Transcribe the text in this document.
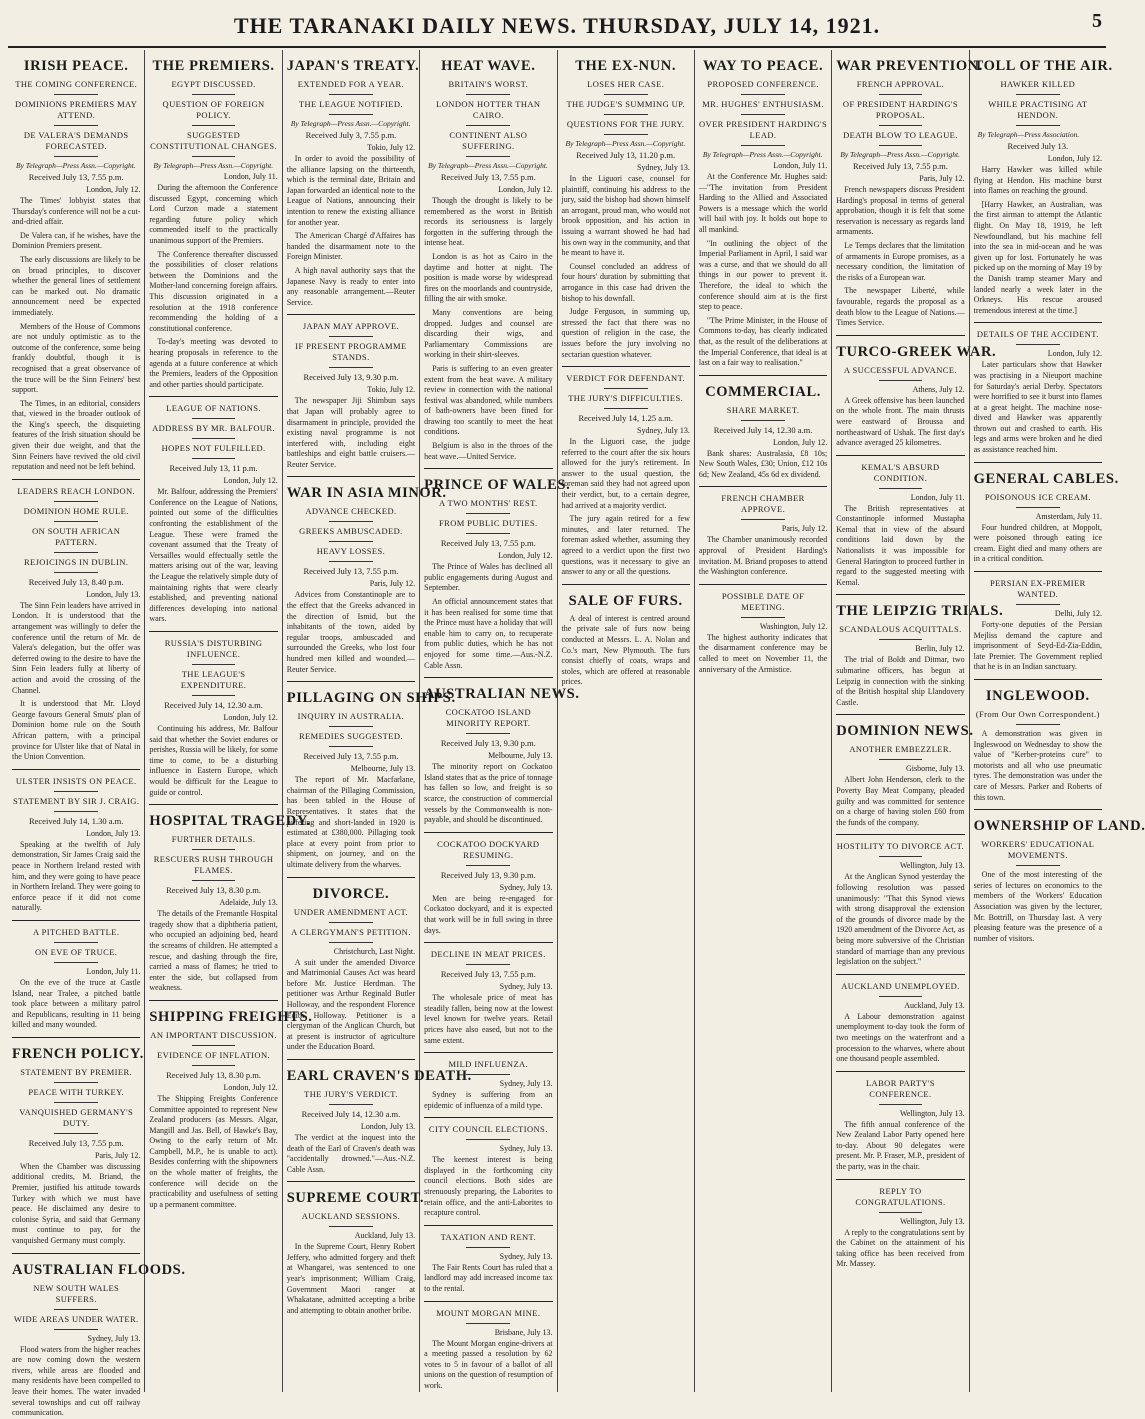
THE TARANAKI DAILY NEWS. THURSDAY, JULY 14, 1921.	5
IRISH PEACE.
THE COMING CONFERENCE.
DOMINIONS PREMIERS MAY ATTEND.
DE VALERA'S DEMANDS FORECASTED.
By Telegraph—Press Assn.—Copyright.
Received July 13, 7.55 p.m.
London, July 12.

The Times' lobbyist states that Thursday's conference will not be a cut-and-dried affair.

De Valera can, if he wishes, have the Dominion Premiers present.

The early discussions are likely to be on broad principles, to discover whether the general lines of settlement can be marked out. No dramatic announcement need be expected immediately.

Members of the House of Commons are not unduly optimistic as to the outcome of the conference, some being frankly doubtful, though it is recognised that a great observance of the truce will be the Sinn Feiners' best support.

The Times, in an editorial, considers that, viewed in the broader outlook of the King's speech, the disquieting features of the Irish situation should be given their due weight, and that the Sinn Feiners have revived the old civil reputation and need not be left behind.

LEADERS REACH LONDON.
DOMINION HOME RULE.
ON SOUTH AFRICAN PATTERN.
REJOICINGS IN DUBLIN.
Received July 13, 8.40 p.m.
London, July 13.

The Sinn Fein leaders have arrived in London. It is understood that the arrangement was willingly to defer the conference until the return of Mr. de Valera's delegation, but the offer was deferred owing to the desire to have the Sinn Fein leaders fully at liberty of action and avoid the crossing of the Channel.

It is understood that Mr. Lloyd George favours General Smuts' plan of Dominion home rule on the South African pattern, with a principal province for Ulster like that of Natal in the Union Convention.

ULSTER INSISTS ON PEACE.
STATEMENT BY SIR J. CRAIG.
Received July 14, 1.30 a.m.
London, July 13.

Speaking at the twelfth of July demonstration, Sir James Craig said the peace in Northern Ireland rested with him, and they were going to have peace in Northern Ireland. They were going to enforce peace if it did not come naturally.

A PITCHED BATTLE.
ON EVE OF TRUCE.
London, July 11.

On the eve of the truce at Castle Island, near Tralee, a pitched battle took place between a military patrol and Republicans, resulting in 11 being killed and many wounded.

FRENCH POLICY.
STATEMENT BY PREMIER.
PEACE WITH TURKEY.
VANQUISHED GERMANY'S DUTY.
Received July 13, 7.55 p.m.
Paris, July 12.

When the Chamber was discussing additional credits, M. Briand, the Premier, justified his attitude towards Turkey with which we must have peace. He disclaimed any desire to colonise Syria, and said that Germany must continue to pay, for the vanquished Germany must comply.

AUSTRALIAN FLOODS.
NEW SOUTH WALES SUFFERS.
WIDE AREAS UNDER WATER.
Sydney, July 13.

Flood waters from the higher reaches are now coming down the western rivers, while areas are flooded and many residents have been compelled to leave their homes. The water invaded several townships and cut off railway communication.

THE PREMIERS.
EGYPT DISCUSSED.
QUESTION OF FOREIGN POLICY.
SUGGESTED CONSTITUTIONAL CHANGES.
By Telegraph—Press Assn.—Copyright.
London, July 11.

During the afternoon the Conference discussed Egypt, concerning which Lord Curzon made a statement regarding future policy which commended itself to the practically unanimous support of the Premiers.

The Conference thereafter discussed the possibilities of closer relations between the Dominions and the Mother-land concerning foreign affairs. This discussion originated in a resolution at the 1918 conference recommending the holding of a constitutional conference.

To-day's meeting was devoted to hearing proposals in reference to the agenda at a future conference at which the Premiers, leaders of the Opposition and other parties should participate.

LEAGUE OF NATIONS.
ADDRESS BY MR. BALFOUR.
HOPES NOT FULFILLED.
Received July 13, 11 p.m.
London, July 12.

Mr. Balfour, addressing the Premiers' Conference on the League of Nations, pointed out some of the difficulties confronting the establishment of the League. These were framed the covenant assumed that the Treaty of Versailles would effectually settle the matters arising out of the war, leaving the League the relatively simple duty of maintaining rights that were clearly established, and preventing national differences developing into national wars.

RUSSIA'S DISTURBING INFLUENCE.
THE LEAGUE'S EXPENDITURE.
Received July 14, 12.30 a.m.
London, July 12.

Continuing his address, Mr. Balfour said that whether the Soviet endures or perishes, Russia will be likely, for some time to come, to be a disturbing influence in Eastern Europe, which would be difficult for the League to guide or control.

HOSPITAL TRAGEDY.
FURTHER DETAILS.
RESCUERS RUSH THROUGH FLAMES.
Received July 13, 8.30 p.m.
Adelaide, July 13.

The details of the Fremantle Hospital tragedy show that a diphtheria patient, who occupied an adjoining bed, heard the screams of children. He attempted a rescue, and dashing through the fire, carried a mass of flames; he tried to enter the side, but collapsed from weakness.

SHIPPING FREIGHTS.
AN IMPORTANT DISCUSSION.
EVIDENCE OF INFLATION.
Received July 13, 8.30 p.m.
London, July 12.

The Shipping Freights Conference Committee appointed to represent New Zealand producers (as Messrs. Algar, Mangill and Jas. Bell, of Hawke's Bay, Owing to the early return of Mr. Campbell, M.P., he is unable to act). Besides conferring with the shipowners on the whole matter of freights, the conference will decide on the practicability and usefulness of setting up a permanent committee.

JAPAN'S TREATY.
EXTENDED FOR A YEAR.
THE LEAGUE NOTIFIED.
By Telegraph—Press Assn.—Copyright.
Received July 3, 7.55 p.m.
Tokio, July 12.

In order to avoid the possibility of the alliance lapsing on the thirteenth, which is the terminal date, Britain and Japan forwarded an identical note to the League of Nations, announcing their intention to renew the existing alliance for another year.

The American Chargé d'Affaires has handed the disarmament note to the Foreign Minister.

A high naval authority says that the Japanese Navy is ready to enter into any reasonable arrangement.—Reuter Service.

JAPAN MAY APPROVE.
IF PRESENT PROGRAMME STANDS.
Received July 13, 9.30 p.m.
Tokio, July 12.

The newspaper Jiji Shimbun says that Japan will probably agree to disarmament in principle, provided the existing naval programme is not interfered with, including eight battleships and eight battle cruisers.—Reuter Service.

WAR IN ASIA MINOR.
ADVANCE CHECKED.
GREEKS AMBUSCADED.
HEAVY LOSSES.
Received July 13, 7.55 p.m.
Paris, July 12.

Advices from Constantinople are to the effect that the Greeks advanced in the direction of Ismid, but the inhabitants of the town, aided by regular troops, ambuscaded and surrounded the Greeks, who lost four hundred men killed and wounded.—Reuter Service.

PILLAGING ON SHIPS.
INQUIRY IN AUSTRALIA.
REMEDIES SUGGESTED.
Received July 13, 7.55 p.m.
Melbourne, July 13.

The report of Mr. Macfarlane, chairman of the Pillaging Commission, has been tabled in the House of Representatives. It states that the pilfering and short-landed in 1920 is estimated at £380,000. Pillaging took place at every point from prior to shipment, on journey, and on the ultimate delivery from the wharves.

DIVORCE.
UNDER AMENDMENT ACT.
A CLERGYMAN'S PETITION.
Christchurch, Last Night.

A suit under the amended Divorce and Matrimonial Causes Act was heard before Mr. Justice Herdman. The petitioner was Arthur Reginald Butler Holloway, and the respondent Florence Edith Holloway. Petitioner is a clergyman of the Anglican Church, but at present is instructor of agriculture under the Education Board.

EARL CRAVEN'S DEATH.
THE JURY'S VERDICT.
Received July 14, 12.30 a.m.
London, July 13.

The verdict at the inquest into the death of the Earl of Craven's death was "accidentally drowned."—Aus.-N.Z. Cable Assn.

SUPREME COURT.
AUCKLAND SESSIONS.
Auckland, July 13.

In the Supreme Court, Henry Robert Jeffery, who admitted forgery and theft at Whangarei, was sentenced to one year's imprisonment; William Craig, Government Maori ranger at Whakatane, admitted accepting a bribe and attempting to obtain another bribe.

HEAT WAVE.
BRITAIN'S WORST.
LONDON HOTTER THAN CAIRO.
CONTINENT ALSO SUFFERING.
By Telegraph—Press Assn.—Copyright.
Received July 13, 7.55 p.m.
London, July 12.

Though the drought is likely to be remembered as the worst in British records its seriousness is largely forgotten in the suffering through the intense heat.

London is as hot as Cairo in the daytime and hotter at night. The position is made worse by widespread fires on the moorlands and countryside, filling the air with smoke.

Many conventions are being dropped. Judges and counsel are discarding their wigs, and Parliamentary Commissions are working in their shirt-sleeves.

Paris is suffering to an even greater extent from the heat wave. A military review in connection with the national festival was abandoned, while numbers of bath-owners have been fined for drawing too scantily to meet the heat conditions.

Belgium is also in the throes of the heat wave.—United Service.

PRINCE OF WALES.
A TWO MONTHS' REST.
FROM PUBLIC DUTIES.
Received July 13, 7.55 p.m.
London, July 12.

The Prince of Wales has declined all public engagements during August and September.

An official announcement states that it has been realised for some time that the Prince must have a holiday that will enable him to carry on, to recuperate from public duties, which he has not enjoyed for some time.—Aus.-N.Z. Cable Assn.

AUSTRALIAN NEWS.
COCKATOO ISLAND MINORITY REPORT.
Received July 13, 9.30 p.m.
Melbourne, July 13.

The minority report on Cockatoo Island states that as the price of tonnage has fallen so low, and freight is so scarce, the construction of commercial vessels by the Commonwealth is non-payable, and should be discontinued.

COCKATOO DOCKYARD RESUMING.
Received July 13, 9.30 p.m.
Sydney, July 13.

Men are being re-engaged for Cockatoo dockyard, and it is expected that work will be in full swing in three days.

DECLINE IN MEAT PRICES.
Received July 13, 7.55 p.m.
Sydney, July 13.

The wholesale price of meat has steadily fallen, being now at the lowest level known for twelve years. Retail prices have also eased, but not to the same extent.

MILD INFLUENZA.
Sydney, July 13.

Sydney is suffering from an epidemic of influenza of a mild type.

CITY COUNCIL ELECTIONS.
Sydney, July 13.

The keenest interest is being displayed in the forthcoming city council elections. Both sides are strenuously preparing, the Laborites to retain office, and the anti-Laborites to recapture control.

TAXATION AND RENT.
Sydney, July 13.

The Fair Rents Court has ruled that a landlord may add increased income tax to the rental.

MOUNT MORGAN MINE.
Brisbane, July 13.

The Mount Morgan engine-drivers at a meeting passed a resolution by 62 votes to 5 in favour of a ballot of all unions on the question of resumption of work.

THE EX-NUN.
LOSES HER CASE.
THE JUDGE'S SUMMING UP.
QUESTIONS FOR THE JURY.
By Telegraph—Press Assn.—Copyright.
Received July 13, 11.20 p.m.
Sydney, July 13.

In the Liguori case, counsel for plaintiff, continuing his address to the jury, said the bishop had shown himself an arrogant, proud man, who would not brook opposition, and his action in issuing a warrant showed he had had his own way in the community, and that he meant to have it.

Counsel concluded an address of four hours' duration by submitting that arrogance in this case had driven the bishop to his downfall.

Judge Ferguson, in summing up, stressed the fact that there was no question of religion in the case, the issues before the jury involving no sectarian question whatever.

VERDICT FOR DEFENDANT.
THE JURY'S DIFFICULTIES.
Received July 14, 1.25 a.m.
Sydney, July 13.

In the Liguori case, the judge referred to the court after the six hours allowed for the jury's retirement. In answer to the usual question, the foreman said they had not agreed upon their verdict, but, to a certain degree, had arrived at a majority verdict.

The jury again retired for a few minutes, and later returned. The foreman asked whether, assuming they agreed to a verdict upon the first two questions, was it necessary to give an answer to any or all the questions.

SALE OF FURS.

A deal of interest is centred around the private sale of furs now being conducted at Messrs. L. A. Nolan and Co.'s mart, New Plymouth. The furs consist chiefly of coats, wraps and stoles, which are offered at reasonable prices.

WAY TO PEACE.
PROPOSED CONFERENCE.
MR. HUGHES' ENTHUSIASM.
OVER PRESIDENT HARDING'S LEAD.
By Telegraph—Press Assn.—Copyright.
London, July 11.

At the Conference Mr. Hughes said:—"The invitation from President Harding to the Allied and Associated Powers is a message which the world will hail with joy. It holds out hope to all mankind.

"In outlining the object of the Imperial Parliament in April, I said war was a curse, and that we should do all things in our power to prevent it. Therefore, the ideal to which the conference should aim at is the first step to peace.

"The Prime Minister, in the House of Commons to-day, has clearly indicated that, as the result of the deliberations at the Imperial Conference, that ideal is at last on a fair way to realisation."

COMMERCIAL.
SHARE MARKET.
Received July 14, 12.30 a.m.
London, July 12.

Bank shares: Australasia, £8 10s; New South Wales, £30; Union, £12 10s 6d; New Zealand, 45s 6d ex dividend.

FRENCH CHAMBER APPROVE.
Paris, July 12.

The Chamber unanimously recorded approval of President Harding's invitation. M. Briand proposes to attend the Washington conference.

POSSIBLE DATE OF MEETING.
Washington, July 12.

The highest authority indicates that the disarmament conference may be called to meet on November 11, the anniversary of the Armistice.

WAR PREVENTION.
FRENCH APPROVAL.
OF PRESIDENT HARDING'S PROPOSAL.
DEATH BLOW TO LEAGUE.
By Telegraph—Press Assn.—Copyright.
Received July 13, 7.55 p.m.
Paris, July 12.

French newspapers discuss President Harding's proposal in terms of general approbation, though it is felt that some reservation is necessary as regards land armaments.

Le Temps declares that the limitation of armaments in Europe promises, as a necessary condition, the limitation of the risks of a European war.

The newspaper Liberté, while favourable, regards the proposal as a death blow to the League of Nations.—Times Service.

TURCO-GREEK WAR.
A SUCCESSFUL ADVANCE.
Athens, July 12.

A Greek offensive has been launched on the whole front. The main thrusts were eastward of Broussa and northeastward of Ushak. The first day's advance averaged 25 kilometres.

KEMAL'S ABSURD CONDITION.
London, July 11.

The British representatives at Constantinople informed Mustapha Kemal that in view of the absurd conditions laid down by the Nationalists it was impossible for General Harington to proceed further in regard to the suggested meeting with Kemal.

THE LEIPZIG TRIALS.
SCANDALOUS ACQUITTALS.
Berlin, July 12.

The trial of Boldt and Ditmar, two submarine officers, has begun at Leipzig in connection with the sinking of the British hospital ship Llandovery Castle.

DOMINION NEWS.
ANOTHER EMBEZZLER.
Gisborne, July 13.

Albert John Henderson, clerk to the Poverty Bay Meat Company, pleaded guilty and was committed for sentence on a charge of having stolen £60 from the funds of the company.

HOSTILITY TO DIVORCE ACT.
Wellington, July 13.

At the Anglican Synod yesterday the following resolution was passed unanimously: "That this Synod views with strong disapproval the extension of the grounds of divorce made by the 1920 amendment of the Divorce Act, as being more subversive of the Christian standard of marriage than any previous legislation on the subject."

AUCKLAND UNEMPLOYED.
Auckland, July 13.

A Labour demonstration against unemployment to-day took the form of two meetings on the waterfront and a procession to the wharves, where about one thousand people assembled.

LABOR PARTY'S CONFERENCE.
Wellington, July 13.

The fifth annual conference of the New Zealand Labor Party opened here to-day. About 90 delegates were present. Mr. P. Fraser, M.P., president of the party, was in the chair.

REPLY TO CONGRATULATIONS.
Wellington, July 13.

A reply to the congratulations sent by the Cabinet on the attainment of his taking office has been received from Mr. Massey.

TOLL OF THE AIR.
HAWKER KILLED
WHILE PRACTISING AT HENDON.
By Telegraph—Press Association.
Received July 13.
London, July 12.

Harry Hawker was killed while flying at Hendon. His machine burst into flames on reaching the ground.

[Harry Hawker, an Australian, was the first airman to attempt the Atlantic flight. On May 18, 1919, he left Newfoundland, but his machine fell into the sea in mid-ocean and he was given up for lost. Fortunately he was picked up on the morning of May 19 by the Danish tramp steamer Mary and landed nearly a week later in the Orkneys. His rescue aroused tremendous interest at the time.]

DETAILS OF THE ACCIDENT.
London, July 12.

Later particulars show that Hawker was practising in a Nieuport machine for Saturday's aerial Derby. Spectators were horrified to see it burst into flames at a great height. The machine nose-dived and Hawker was apparently thrown out and crashed to earth. His legs and arms were broken and he died as assistance reached him.

GENERAL CABLES.
POISONOUS ICE CREAM.
Amsterdam, July 11.

Four hundred children, at Moppolt, were poisoned through eating ice cream. Eight died and many others are in a critical condition.

PERSIAN EX-PREMIER WANTED.
Delhi, July 12.

Forty-one deputies of the Persian Mejliss demand the capture and imprisonment of Seyd-Ed-Zia-Eddin, late Premier. The Government replied that he is in an Indian sanctuary.

INGLEWOOD.
(From Our Own Correspondent.)

A demonstration was given in Ingleswood on Wednesday to show the value of "Kerber-proteins cure" to motorists and all who use pneumatic tyres. The demonstration was under the care of Messrs. Parker and Roberts of this town.

OWNERSHIP OF LAND.
WORKERS' EDUCATIONAL MOVEMENTS.

One of the most interesting of the series of lectures on economics to the members of the Workers' Education Association was given by the lecturer, Mr. Bottrill, on Thursday last. A very pleasing feature was the presence of a number of visitors.
